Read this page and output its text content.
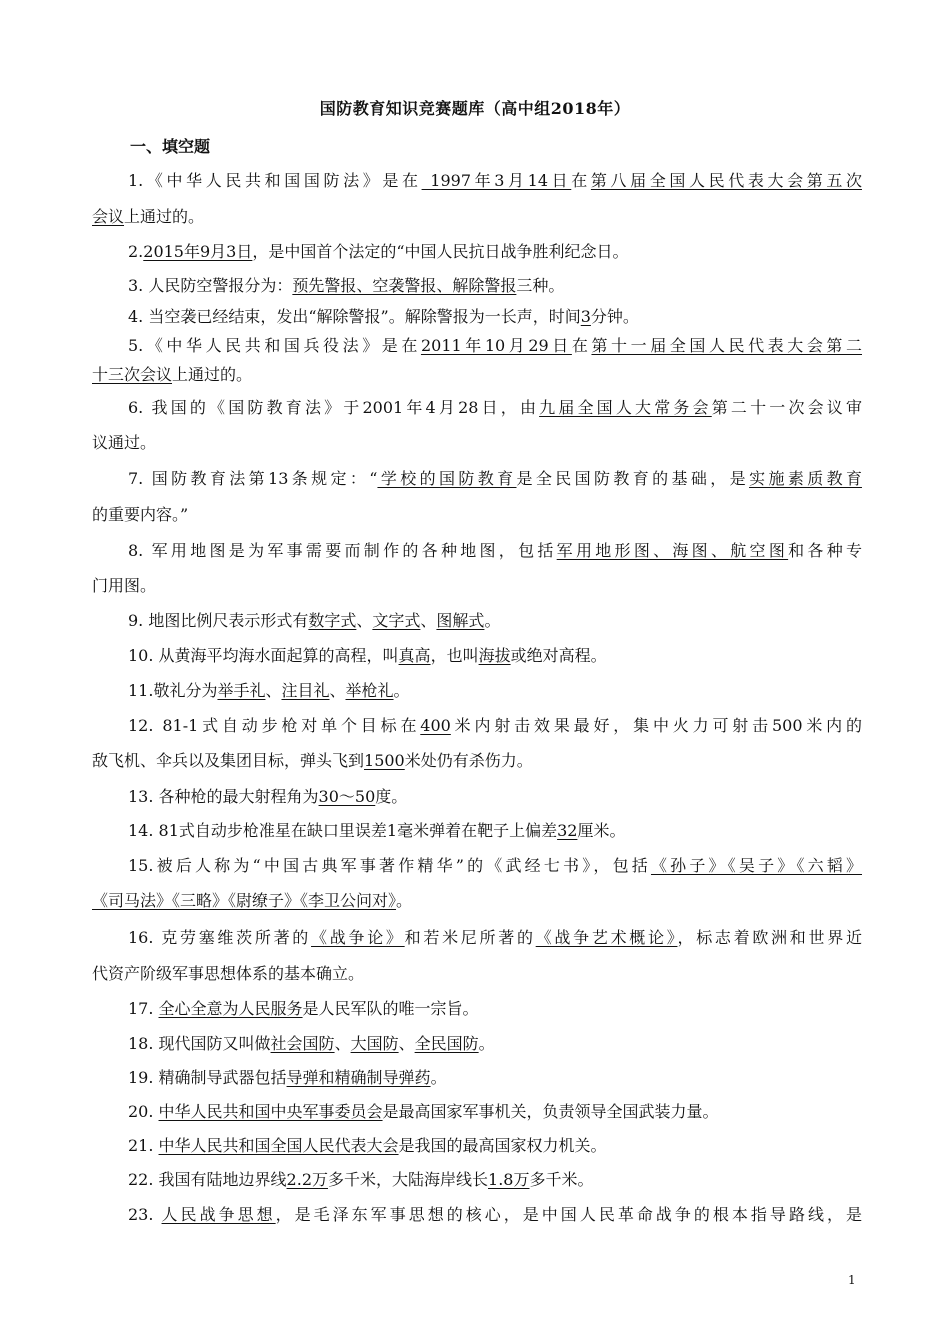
国防教育知识竞赛题库（高中组2018年）
一、填空题
1.《中华人民共和国国防法》是在 1997年3月14日在第八届全国人民代表大会第五次
会议上通过的。
2.2015年9月3日，是中国首个法定的“中国人民抗日战争胜利纪念日。
3. 人民防空警报分为：预先警报、空袭警报、解除警报三种。
4. 当空袭已经结束，发出“解除警报”。解除警报为一长声，时间3分钟。
5.《中华人民共和国兵役法》是在2011年10月29日在第十一届全国人民代表大会第二
十三次会议上通过的。
6. 我国的《国防教育法》于2001年4月28日，由九届全国人大常务会第二十一次会议审
议通过。
7. 国防教育法第13条规定：“学校的国防教育是全民国防教育的基础，是实施素质教育
的重要内容。”
8. 军用地图是为军事需要而制作的各种地图，包括军用地形图、海图、航空图和各种专
门用图。
9. 地图比例尺表示形式有数字式、文字式、图解式。
10. 从黄海平均海水面起算的高程，叫真高，也叫海拔或绝对高程。
11.敬礼分为举手礼、注目礼、举枪礼。
12. 81-1式自动步枪对单个目标在400米内射击效果最好，集中火力可射击500米内的
敌飞机、伞兵以及集团目标，弹头飞到1500米处仍有杀伤力。
13. 各种枪的最大射程角为30～50度。
14. 81式自动步枪准星在缺口里误差1毫米弹着在靶子上偏差32厘米。
15.被后人称为“中国古典军事著作精华”的《武经七书》，包括《孙子》《吴子》《六韬》
《司马法》《三略》《尉缭子》《李卫公问对》。
16. 克劳塞维茨所著的《战争论》和若米尼所著的《战争艺术概论》，标志着欧洲和世界近
代资产阶级军事思想体系的基本确立。
17. 全心全意为人民服务是人民军队的唯一宗旨。
18. 现代国防又叫做社会国防、大国防、全民国防。
19. 精确制导武器包括导弹和精确制导弹药。
20. 中华人民共和国中央军事委员会是最高国家军事机关，负责领导全国武装力量。
21. 中华人民共和国全国人民代表大会是我国的最高国家权力机关。
22. 我国有陆地边界线2.2万多千米，大陆海岸线长1.8万多千米。
23. 人民战争思想，是毛泽东军事思想的核心，是中国人民革命战争的根本指导路线，是
1
